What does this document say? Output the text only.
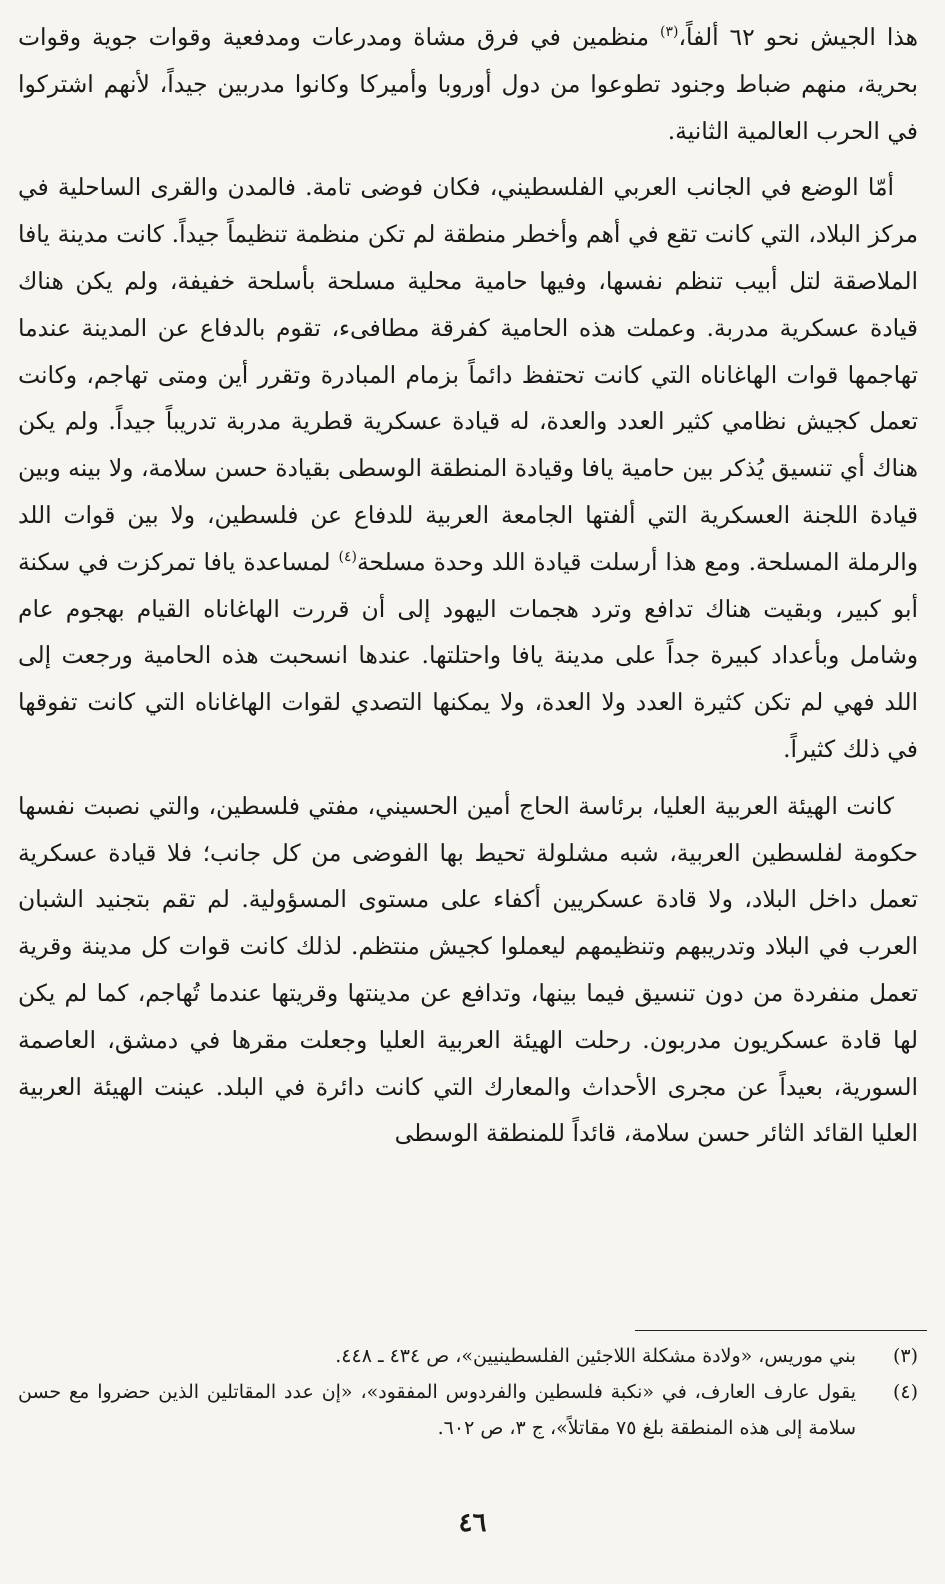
هذا الجيش نحو ٦٢ ألفاً،$^{(٣)}$ منظمين في فرق مشاة ومدرعات ومدفعية وقوات جوية وقوات بحرية، منهم ضباط وجنود تطوعوا من دول أوروبا وأميركا وكانوا مدربين جيداً، لأنهم اشتركوا في الحرب العالمية الثانية.

أمّا الوضع في الجانب العربي الفلسطيني، فكان فوضى تامة. فالمدن والقرى الساحلية في مركز البلاد، التي كانت تقع في أهم وأخطر منطقة لم تكن منظمة تنظيماً جيداً. كانت مدينة يافا الملاصقة لتل أبيب تنظم نفسها، وفيها حامية محلية مسلحة بأسلحة خفيفة، ولم يكن هناك قيادة عسكرية مدربة. وعملت هذه الحامية كفرقة مطافىء، تقوم بالدفاع عن المدينة عندما تهاجمها قوات الهاغاناه التي كانت تحتفظ دائماً بزمام المبادرة وتقرر أين ومتى تهاجم، وكانت تعمل كجيش نظامي كثير العدد والعدة، له قيادة عسكرية قطرية مدربة تدريباً جيداً. ولم يكن هناك أي تنسيق يُذكر بين حامية يافا وقيادة المنطقة الوسطى بقيادة حسن سلامة، ولا بينه وبين قيادة اللجنة العسكرية التي ألفتها الجامعة العربية للدفاع عن فلسطين، ولا بين قوات اللد والرملة المسلحة. ومع هذا أرسلت قيادة اللد وحدة مسلحة$^{(٤)}$ لمساعدة يافا تمركزت في سكنة أبو كبير، وبقيت هناك تدافع وترد هجمات اليهود إلى أن قررت الهاغاناه القيام بهجوم عام وشامل وبأعداد كبيرة جداً على مدينة يافا واحتلتها. عندها انسحبت هذه الحامية ورجعت إلى اللد فهي لم تكن كثيرة العدد ولا العدة، ولا يمكنها التصدي لقوات الهاغاناه التي كانت تفوقها في ذلك كثيراً.

كانت الهيئة العربية العليا، برئاسة الحاج أمين الحسيني، مفتي فلسطين، والتي نصبت نفسها حكومة لفلسطين العربية، شبه مشلولة تحيط بها الفوضى من كل جانب؛ فلا قيادة عسكرية تعمل داخل البلاد، ولا قادة عسكريين أكفاء على مستوى المسؤولية. لم تقم بتجنيد الشبان العرب في البلاد وتدريبهم وتنظيمهم ليعملوا كجيش منتظم. لذلك كانت قوات كل مدينة وقرية تعمل منفردة من دون تنسيق فيما بينها، وتدافع عن مدينتها وقريتها عندما تُهاجم، كما لم يكن لها قادة عسكريون مدربون. رحلت الهيئة العربية العليا وجعلت مقرها في دمشق، العاصمة السورية، بعيداً عن مجرى الأحداث والمعارك التي كانت دائرة في البلد. عينت الهيئة العربية العليا القائد الثائر حسن سلامة، قائداً للمنطقة الوسطى

(٣)
بني موريس، «ولادة مشكلة اللاجئين الفلسطينيين»، ص ٤٣٤ ـ ٤٤٨.
(٤)
يقول عارف العارف، في «نكبة فلسطين والفردوس المفقود»، «إن عدد المقاتلين الذين حضروا مع حسن سلامة إلى هذه المنطقة بلغ ٧٥ مقاتلاً»، ج ٣، ص ٦٠٢.
٤٦
